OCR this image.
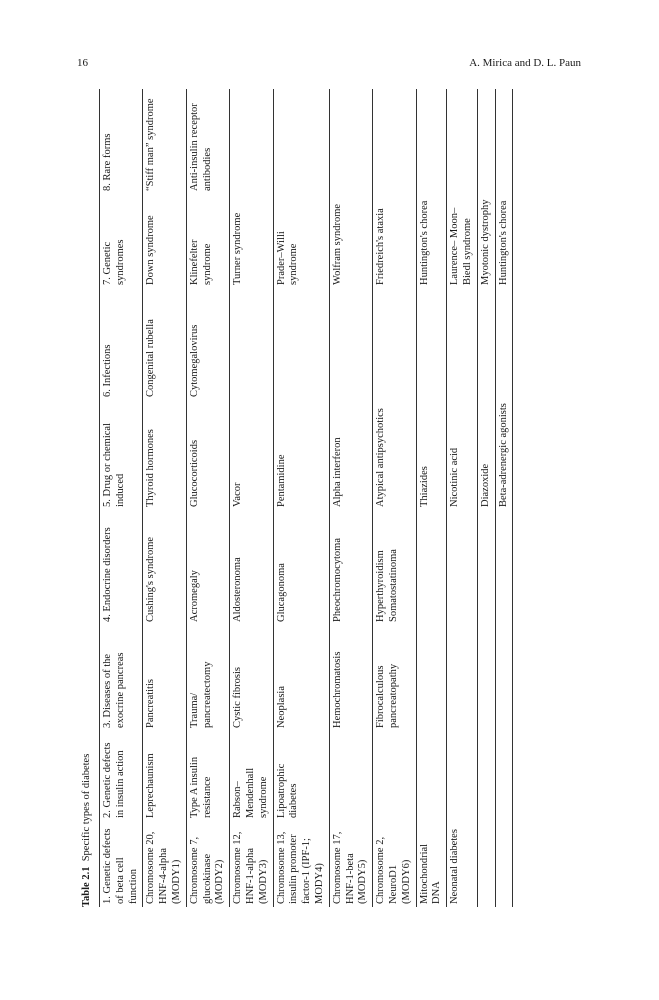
16	A. Mirica and D. L. Paun
Table 2.1  Specific types of diabetes
1. Genetic defects of beta cell function	2. Genetic defects in insulin action	3. Diseases of the exocrine pancreas	4. Endocrine disorders	5. Drug or chemical induced	6. Infections	7. Genetic syndromes	8. Rare forms
Chromosome 20, HNF-4-alpha (MODY1)	Leprechaunism	Pancreatitis	Cushing's syndrome	Thyroid hormones	Congenital rubella	Down syndrome	“Stiff man” syndrome
Chromosome 7, glucokinase (MODY2)	Type A insulin resistance	Trauma/ pancreatectomy	Acromegaly	Glucocorticoids	Cytomegalovirus	Klinefelter syndrome	Anti-insulin receptor antibodies
Chromosome 12, HNF-1-alpha (MODY3)	Rabson– Mendenhall syndrome	Cystic fibrosis	Aldosteronoma	Vacor		Turner syndrome	
Chromosome 13, insulin promoter factor-1 (IPF-1; MODY4)	Lipoatrophic diabetes	Neoplasia	Glucagonoma	Pentamidine		Prader–Willi syndrome	
Chromosome 17, HNF-1-beta (MODY5)		Hemochromatosis	Pheochromocytoma	Alpha interferon		Wolfram syndrome	
Chromosome 2, NeuroD1 (MODY6)		Fibrocalculous pancreatopathy	Hyperthyroidism Somatostatinoma	Atypical antipsychotics		Friedreich's ataxia	
Mitochondrial DNA				Thiazides		Huntington's chorea	
Neonatal diabetes				Nicotinic acid		Laurence– Moon–Biedl syndrome	
				Diazoxide		Myotonic dystrophy	
				Beta-adrenergic agonists		Huntington's chorea	
